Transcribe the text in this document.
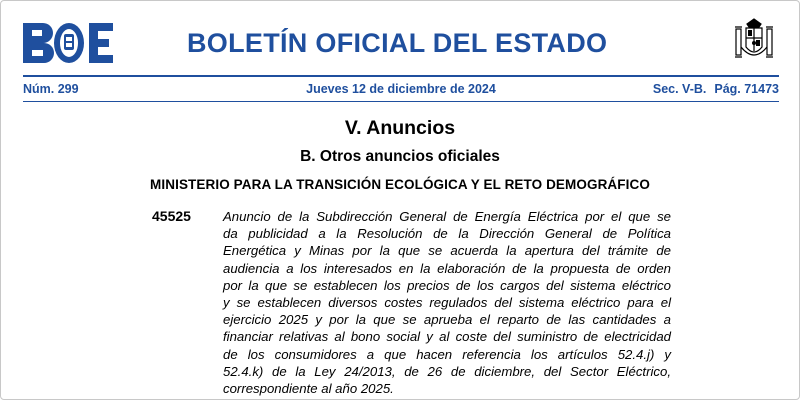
BOLETÍN OFICIAL DEL ESTADO
Jueves 12 de diciembre de 2024
Núm. 299	Sec. V-B. Pág. 71473
V. Anuncios
B. Otros anuncios oficiales
MINISTERIO PARA LA TRANSICIÓN ECOLÓGICA Y EL RETO DEMOGRÁFICO
45525 Anuncio de la Subdirección General de Energía Eléctrica por el que se
da publicidad a la Resolución de la Dirección General de Política
Energética y Minas por la que se acuerda la apertura del trámite de
audiencia a los interesados en la elaboración de la propuesta de orden
por la que se establecen los precios de los cargos del sistema eléctrico
y se establecen diversos costes regulados del sistema eléctrico para el
ejercicio 2025 y por la que se aprueba el reparto de las cantidades a
financiar relativas al bono social y al coste del suministro de electricidad
de los consumidores a que hacen referencia los artículos 52.4.j) y
52.4.k) de la Ley 24/2013, de 26 de diciembre, del Sector Eléctrico,
correspondiente al año 2025.
